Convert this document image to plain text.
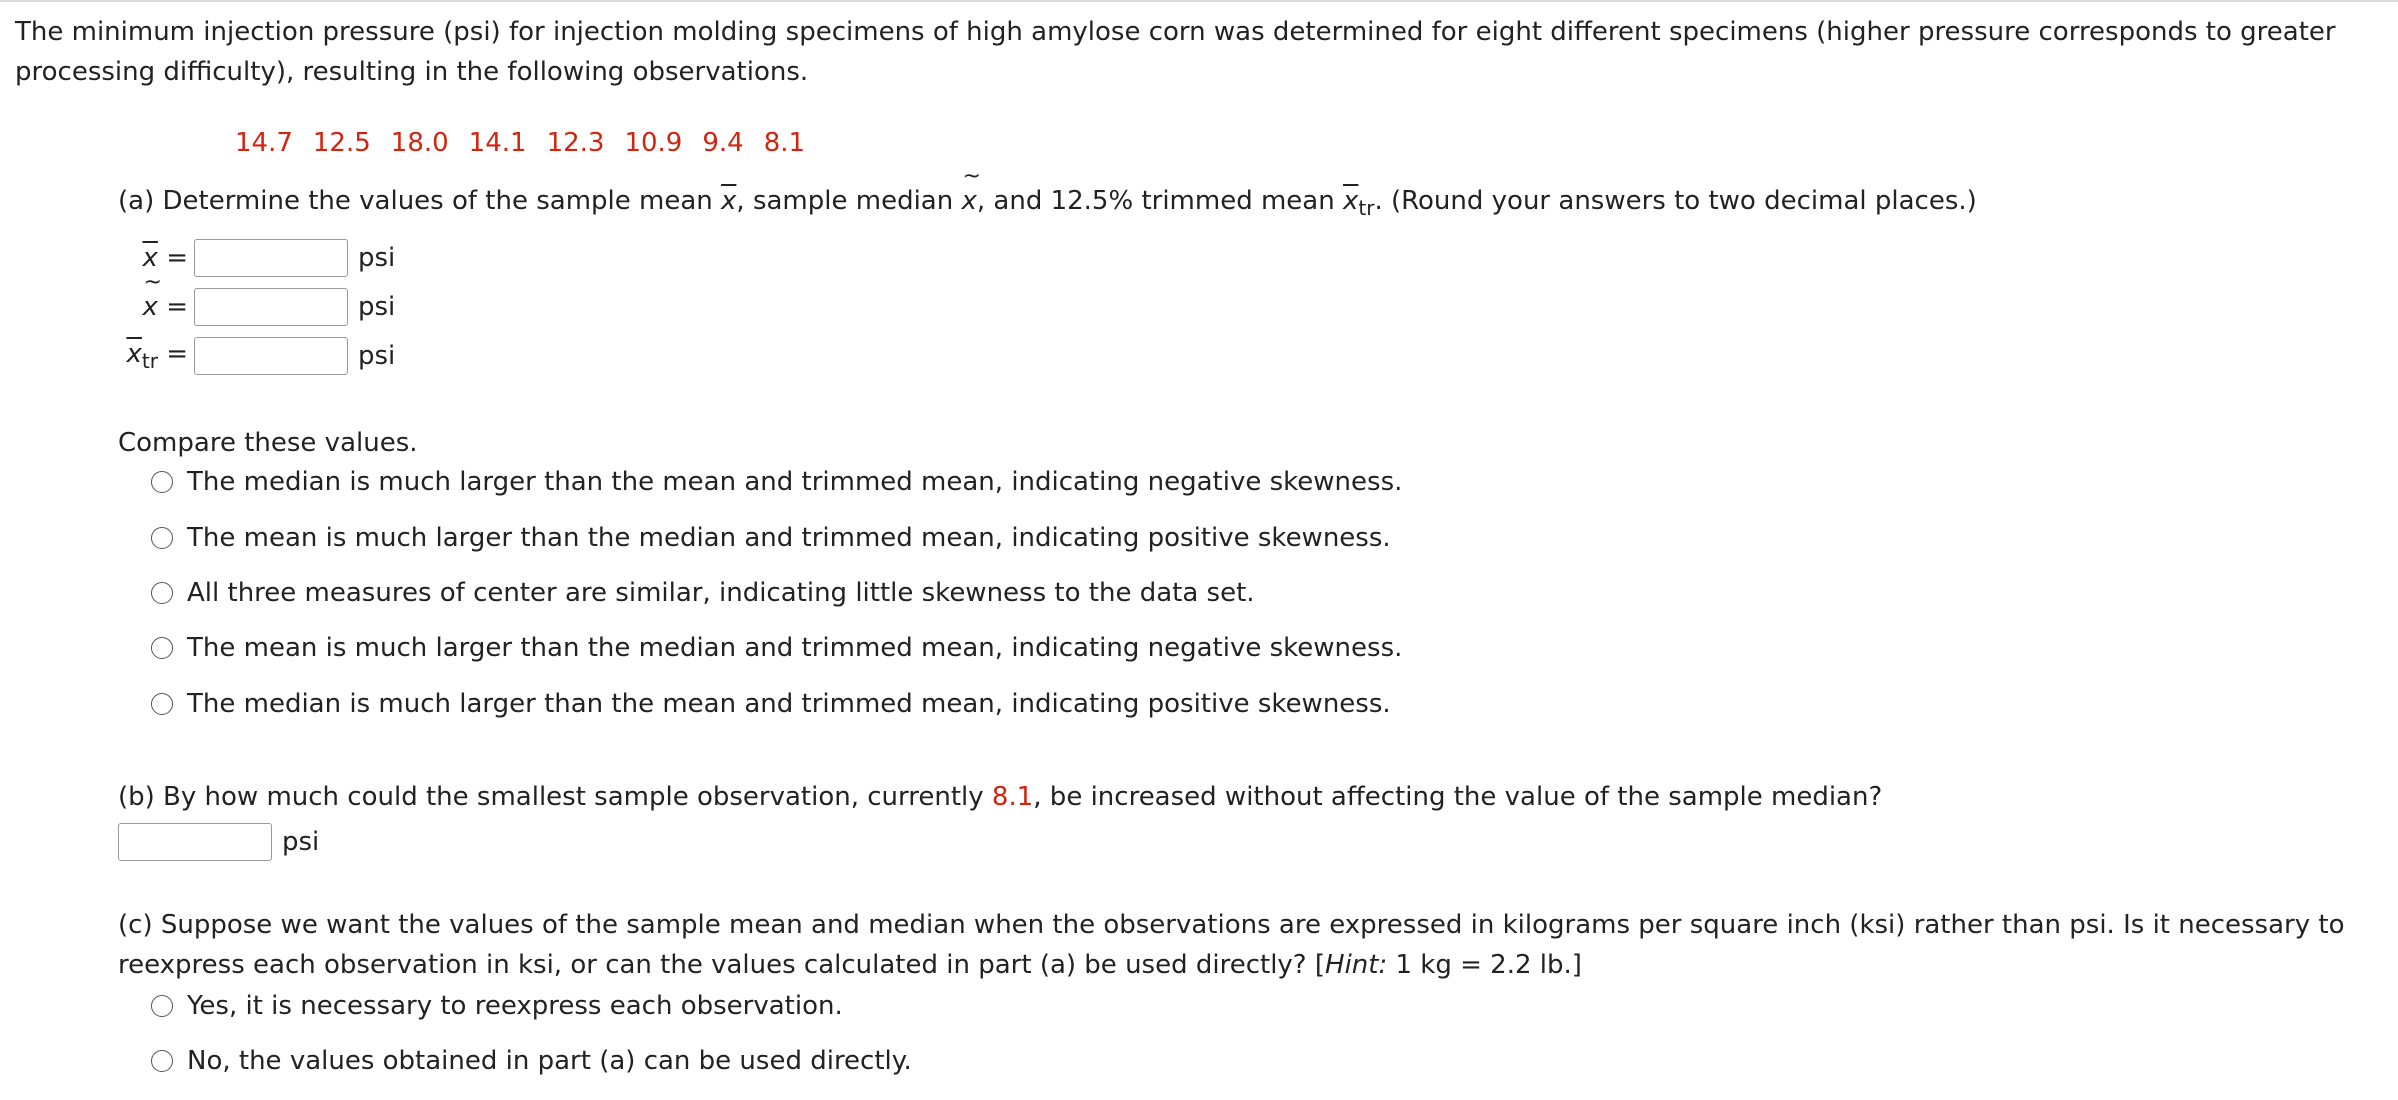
The minimum injection pressure (psi) for injection molding specimens of high amylose corn was determined for eight different specimens (higher pressure corresponds to greater processing difficulty), resulting in the following observations.
14.7 12.5 18.0 14.1 12.3 10.9 9.4 8.1
(a) Determine the values of the sample mean $\overline{x}$, sample median ~ x, and 12.5% trimmed mean $\overline{x}_{tr}$. (Round your answers to two decimal places.)
$\overline{x}$ =	psi
~ x =	psi
$\overline{x}_{tr}$ =	psi
Compare these values.
The median is much larger than the mean and trimmed mean, indicating negative skewness.
The mean is much larger than the median and trimmed mean, indicating positive skewness.
All three measures of center are similar, indicating little skewness to the data set.
The mean is much larger than the median and trimmed mean, indicating negative skewness.
The median is much larger than the mean and trimmed mean, indicating positive skewness.
(b) By how much could the smallest sample observation, currently 8.1, be increased without affecting the value of the sample median?
psi
(c) Suppose we want the values of the sample mean and median when the observations are expressed in kilograms per square inch (ksi) rather than psi. Is it necessary to reexpress each observation in ksi, or can the values calculated in part (a) be used directly? [Hint: 1 kg = 2.2 lb.]
Yes, it is necessary to reexpress each observation.
No, the values obtained in part (a) can be used directly.
